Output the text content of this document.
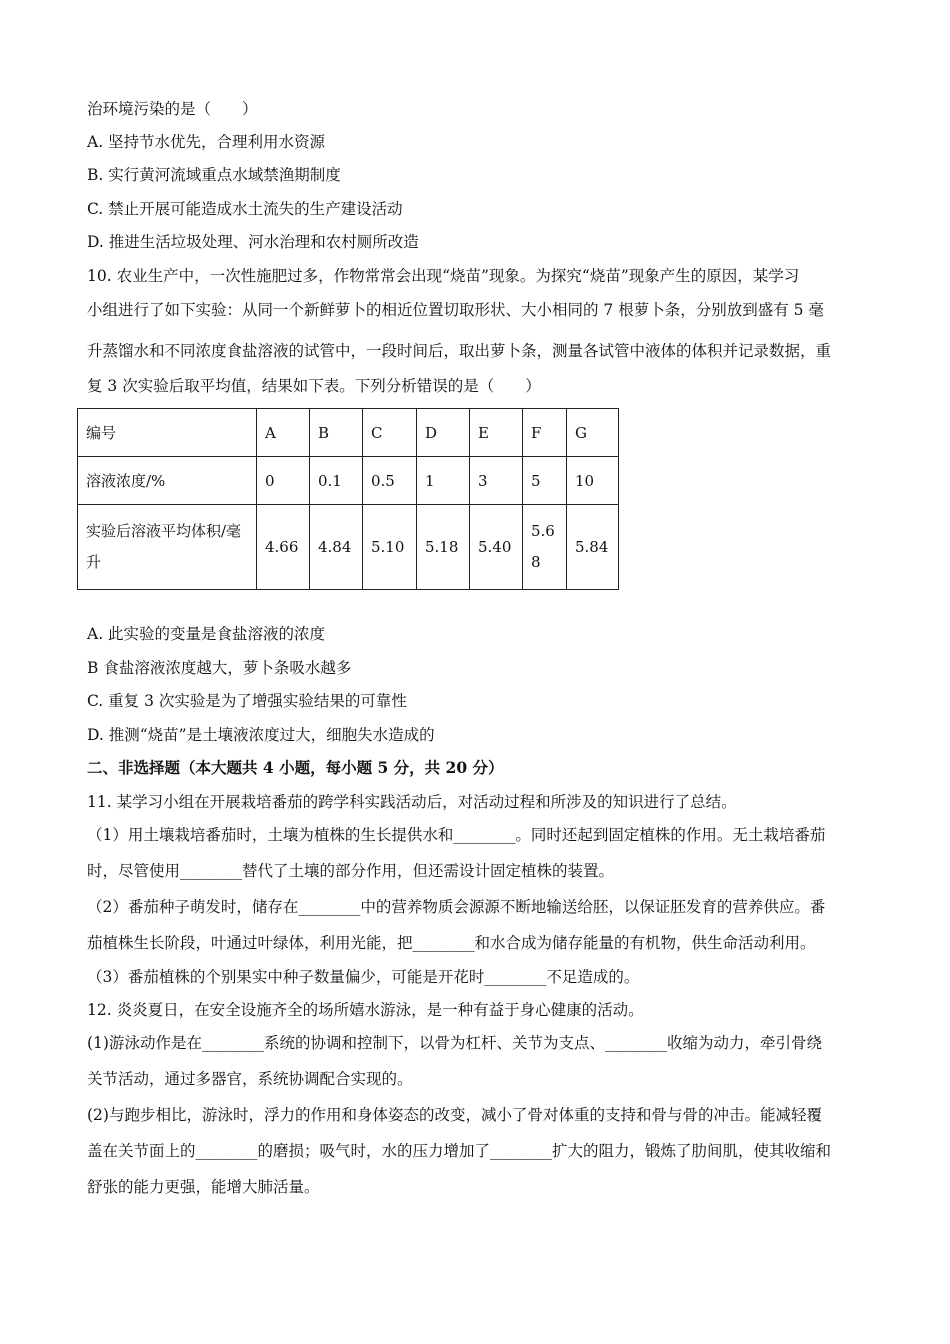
治环境污染的是（　　）
A. 坚持节水优先，合理利用水资源
B. 实行黄河流域重点水域禁渔期制度
C. 禁止开展可能造成水土流失的生产建设活动
D. 推进生活垃圾处理、河水治理和农村厕所改造
10. 农业生产中，一次性施肥过多，作物常常会出现“烧苗”现象。为探究“烧苗”现象产生的原因，某学习
小组进行了如下实验：从同一个新鲜萝卜的相近位置切取形状、大小相同的 7 根萝卜条，分别放到盛有 5 毫
升蒸馏水和不同浓度食盐溶液的试管中，一段时间后，取出萝卜条，测量各试管中液体的体积并记录数据，重
复 3 次实验后取平均值，结果如下表。下列分析错误的是（　　）
编号	A	B	C	D	E	F	G
溶液浓度/%	0	0.1	0.5	1	3	5	10
实验后溶液平均体积/毫升	4.66	4.84	5.10	5.18	5.40	5.68	5.84
A. 此实验的变量是食盐溶液的浓度
B 食盐溶液浓度越大，萝卜条吸水越多
C. 重复 3 次实验是为了增强实验结果的可靠性
D. 推测“烧苗”是土壤液浓度过大，细胞失水造成的
二、非选择题（本大题共 4 小题，每小题 5 分，共 20 分）
11. 某学习小组在开展栽培番茄的跨学科实践活动后，对活动过程和所涉及的知识进行了总结。
（1）用土壤栽培番茄时，土壤为植株的生长提供水和________。同时还起到固定植株的作用。无土栽培番茄
时，尽管使用________替代了土壤的部分作用，但还需设计固定植株的装置。
（2）番茄种子萌发时，储存在________中的营养物质会源源不断地输送给胚，以保证胚发育的营养供应。番
茄植株生长阶段，叶通过叶绿体，利用光能，把________和水合成为储存能量的有机物，供生命活动利用。
（3）番茄植株的个别果实中种子数量偏少，可能是开花时________不足造成的。
12. 炎炎夏日，在安全设施齐全的场所嬉水游泳，是一种有益于身心健康的活动。
(1)游泳动作是在________系统的协调和控制下，以骨为杠杆、关节为支点、________收缩为动力，牵引骨绕
关节活动，通过多器官，系统协调配合实现的。
(2)与跑步相比，游泳时，浮力的作用和身体姿态的改变，减小了骨对体重的支持和骨与骨的冲击。能减轻覆
盖在关节面上的________的磨损；吸气时，水的压力增加了________扩大的阻力，锻炼了肋间肌，使其收缩和
舒张的能力更强，能增大肺活量。
